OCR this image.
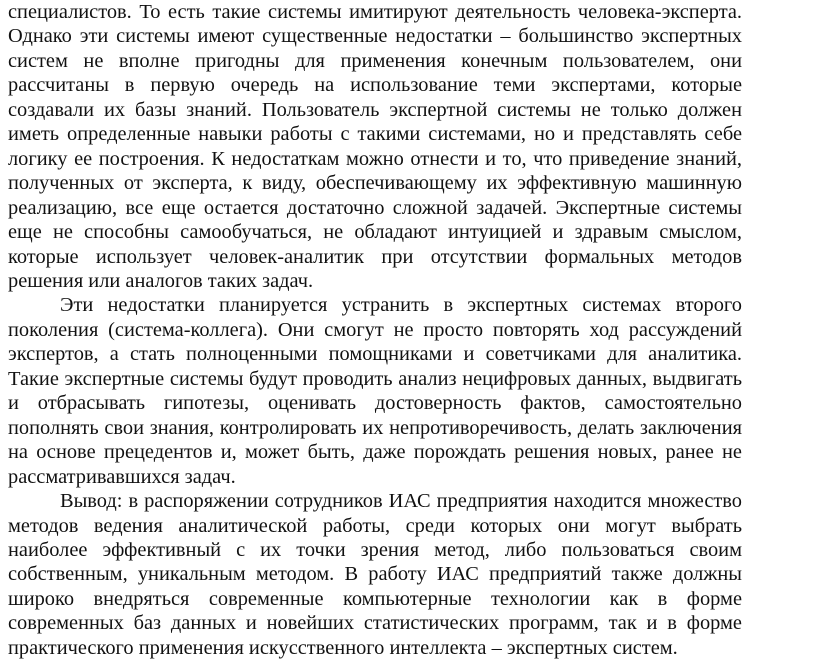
специалистов. То есть такие системы имитируют деятельность человека-эксперта. Однако эти системы имеют существенные недостатки – большинство экспертных систем не вполне пригодны для применения конечным пользователем, они рассчитаны в первую очередь на использование теми экспертами, которые создавали их базы знаний. Пользователь экспертной системы не только должен иметь определенные навыки работы с такими системами, но и представлять себе логику ее построения. К недостаткам можно отнести и то, что приведение знаний, полученных от эксперта, к виду, обеспечивающему их эффективную машинную реализацию, все еще остается достаточно сложной задачей. Экспертные системы еще не способны самообучаться, не обладают интуицией и здравым смыслом, которые использует человек-аналитик при отсутствии формальных методов решения или аналогов таких задач.

Эти недостатки планируется устранить в экспертных системах второго поколения (система-коллега). Они смогут не просто повторять ход рассуждений экспертов, а стать полноценными помощниками и советчиками для аналитика. Такие экспертные системы будут проводить анализ нецифровых данных, выдвигать и отбрасывать гипотезы, оценивать достоверность фактов, самостоятельно пополнять свои знания, контролировать их непротиворечивость, делать заключения на основе прецедентов и, может быть, даже порождать решения новых, ранее не рассматривавшихся задач.

Вывод: в распоряжении сотрудников ИАС предприятия находится множество методов ведения аналитической работы, среди которых они могут выбрать наиболее эффективный с их точки зрения метод, либо пользоваться своим собственным, уникальным методом. В работу ИАС предприятий также должны широко внедряться современные компьютерные технологии как в форме современных баз данных и новейших статистических программ, так и в форме практического применения искусственного интеллекта – экспертных систем.
